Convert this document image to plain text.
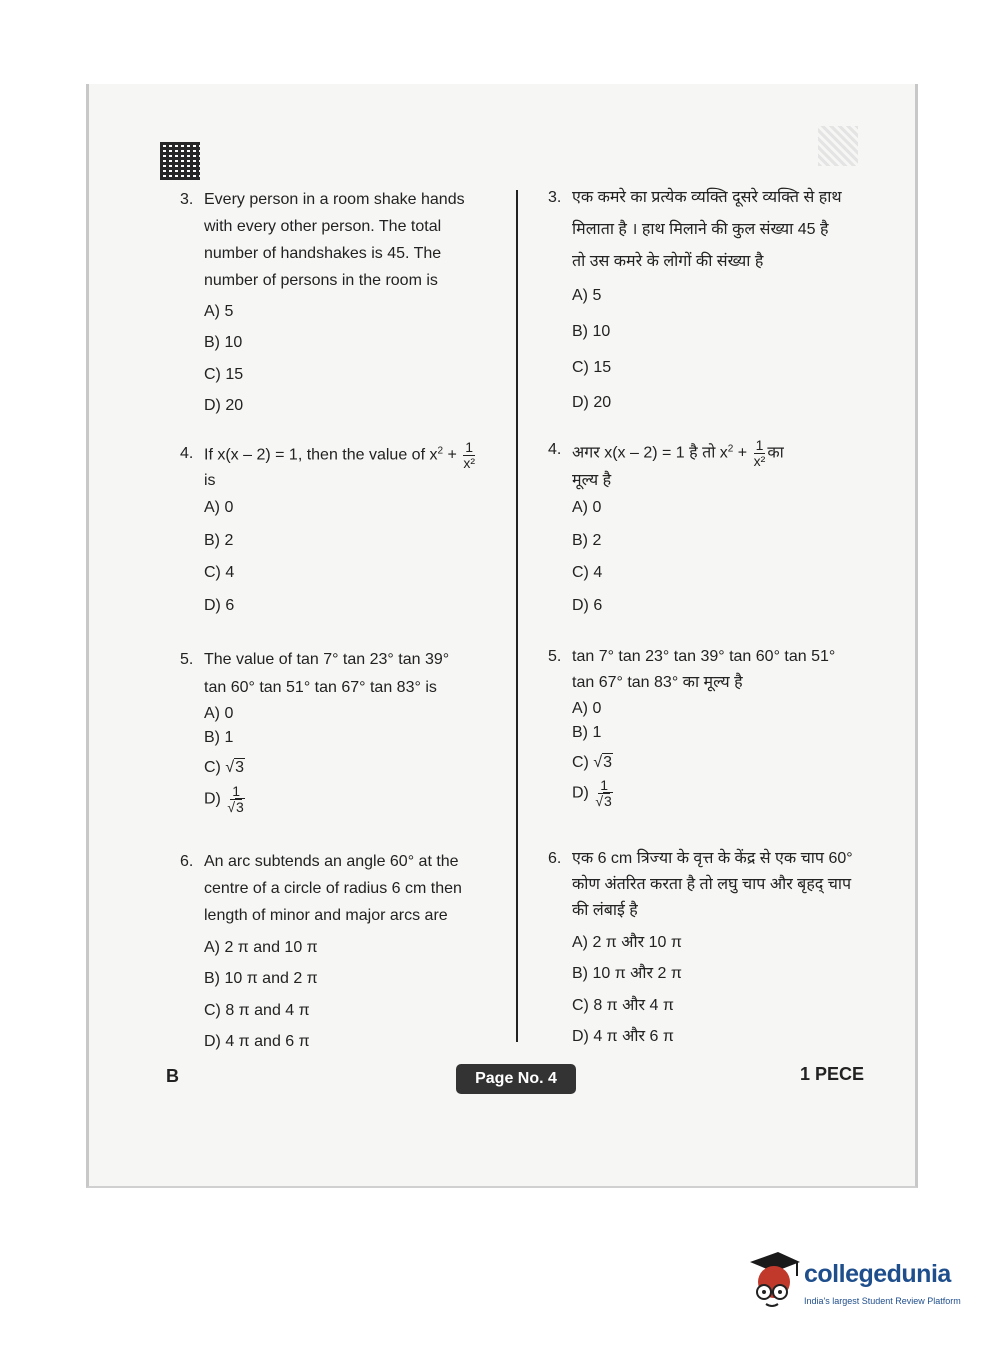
3. Every person in a room shake hands
with every other person. The total
number of handshakes is 45. The
number of persons in the room is
A) 5
B) 10
C) 15
D) 20
4. If x(x – 2) = 1, then the value of $x^2 + \frac{1}{\text{x²}}$
is
A) 0
B) 2
C) 4
D) 6
5. The value of tan 7° tan 23° tan 39°
tan 60° tan 51° tan 67° tan 83° is
A) 0
B) 1
C) √3
$D) \frac{1}{√3}$
6. An arc subtends an angle 60° at the
centre of a circle of radius 6 cm then
length of minor and major arcs are
A) 2 π and 10 π
B) 10 π and 2 π
C) 8 π and 4 π
D) 4 π and 6 π
3. एक कमरे का प्रत्येक व्यक्ति दूसरे व्यक्ति से हाथ
मिलाता है । हाथ मिलाने की कुल संख्या 45 है
तो उस कमरे के लोगों की संख्या है
A) 5
B) 10
C) 15
D) 20
4. अगर x(x – 2) = 1 है तो $x^2 + \frac{1}{\text{x²}}$ का
मूल्य है
A) 0
B) 2
C) 4
D) 6
5. tan 7° tan 23° tan 39° tan 60° tan 51°
tan 67° tan 83° का मूल्य है
A) 0
B) 1
C) √3
$D) \frac{1}{√3}$
6. एक 6 cm त्रिज्या के वृत्त के केंद्र से एक चाप 60°
कोण अंतरित करता है तो लघु चाप और बृहद् चाप
की लंबाई है
A) 2 π और 10 π
B) 10 π और 2 π
C) 8 π और 4 π
D) 4 π और 6 π
B	Page No. 4	1 PECE
collegedunia
India's largest Student Review Platform
